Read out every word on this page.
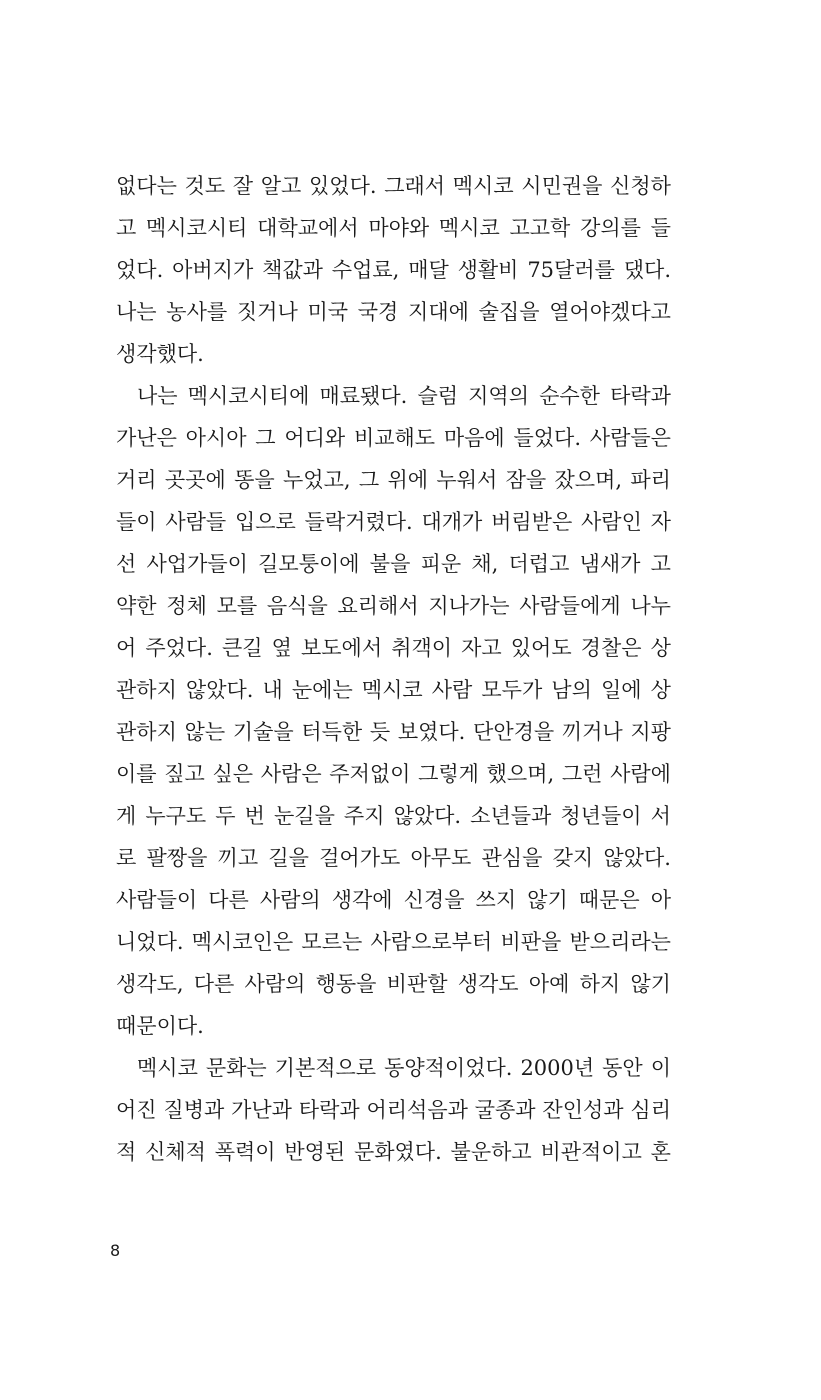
없다는 것도 잘 알고 있었다. 그래서 멕시코 시민권을 신청하
고 멕시코시티 대학교에서 마야와 멕시코 고고학 강의를 들
었다. 아버지가 책값과 수업료, 매달 생활비 75달러를 댔다.
나는 농사를 짓거나 미국 국경 지대에 술집을 열어야겠다고
생각했다.
나는 멕시코시티에 매료됐다. 슬럼 지역의 순수한 타락과
가난은 아시아 그 어디와 비교해도 마음에 들었다. 사람들은
거리 곳곳에 똥을 누었고, 그 위에 누워서 잠을 잤으며, 파리
들이 사람들 입으로 들락거렸다. 대개가 버림받은 사람인 자
선 사업가들이 길모퉁이에 불을 피운 채, 더럽고 냄새가 고
약한 정체 모를 음식을 요리해서 지나가는 사람들에게 나누
어 주었다. 큰길 옆 보도에서 취객이 자고 있어도 경찰은 상
관하지 않았다. 내 눈에는 멕시코 사람 모두가 남의 일에 상
관하지 않는 기술을 터득한 듯 보였다. 단안경을 끼거나 지팡
이를 짚고 싶은 사람은 주저없이 그렇게 했으며, 그런 사람에
게 누구도 두 번 눈길을 주지 않았다. 소년들과 청년들이 서
로 팔짱을 끼고 길을 걸어가도 아무도 관심을 갖지 않았다.
사람들이 다른 사람의 생각에 신경을 쓰지 않기 때문은 아
니었다. 멕시코인은 모르는 사람으로부터 비판을 받으리라는
생각도, 다른 사람의 행동을 비판할 생각도 아예 하지 않기
때문이다.
멕시코 문화는 기본적으로 동양적이었다. 2000년 동안 이
어진 질병과 가난과 타락과 어리석음과 굴종과 잔인성과 심리
적 신체적 폭력이 반영된 문화였다. 불운하고 비관적이고 혼
8
